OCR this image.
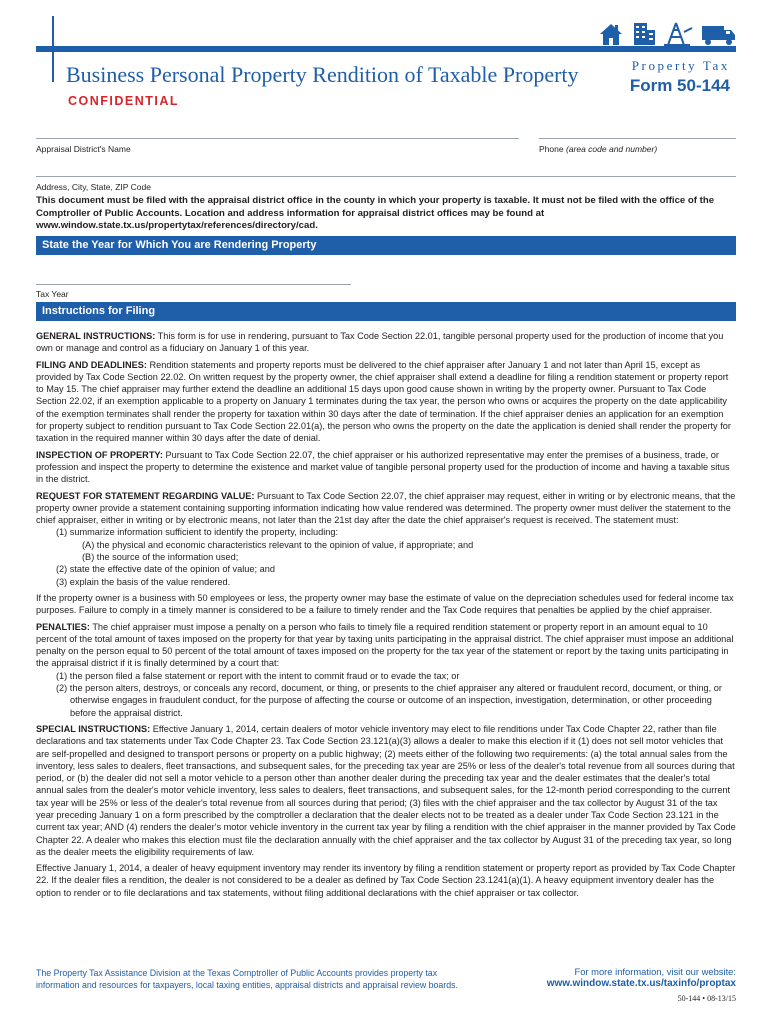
Business Personal Property Rendition of Taxable Property
CONFIDENTIAL
Property Tax
Form 50-144
Appraisal District's Name	Phone (area code and number)
Address, City, State, ZIP Code
This document must be filed with the appraisal district office in the county in which your property is taxable. It must not be filed with the office of the Comptroller of Public Accounts. Location and address information for appraisal district offices may be found at www.window.state.tx.us/propertytax/references/directory/cad.
State the Year for Which You are Rendering Property
Tax Year
Instructions for Filing

GENERAL INSTRUCTIONS: This form is for use in rendering, pursuant to Tax Code Section 22.01, tangible personal property used for the production of income that you own or manage and control as a fiduciary on January 1 of this year.

FILING AND DEADLINES: Rendition statements and property reports must be delivered to the chief appraiser after January 1 and not later than April 15, except as provided by Tax Code Section 22.02. On written request by the property owner, the chief appraiser shall extend a deadline for filing a rendition statement or property report to May 15. The chief appraiser may further extend the deadline an additional 15 days upon good cause shown in writing by the property owner. Pursuant to Tax Code Section 22.02, if an exemption applicable to a property on January 1 terminates during the tax year, the person who owns or acquires the property on the date applicability of the exemption terminates shall render the property for taxation within 30 days after the date of termination. If the chief appraiser denies an application for an exemption for property subject to rendition pursuant to Tax Code Section 22.01(a), the person who owns the property on the date the application is denied shall render the property for taxation in the required manner within 30 days after the date of denial.

INSPECTION OF PROPERTY: Pursuant to Tax Code Section 22.07, the chief appraiser or his authorized representative may enter the premises of a business, trade, or profession and inspect the property to determine the existence and market value of tangible personal property used for the production of income and having a taxable situs in the district.

REQUEST FOR STATEMENT REGARDING VALUE: Pursuant to Tax Code Section 22.07, the chief appraiser may request, either in writing or by electronic means, that the property owner provide a statement containing supporting information indicating how value rendered was determined. The property owner must deliver the statement to the chief appraiser, either in writing or by electronic means, not later than the 21st day after the date the chief appraiser's request is received. The statement must:

(1) summarize information sufficient to identify the property, including:
(A) the physical and economic characteristics relevant to the opinion of value, if appropriate; and
(B) the source of the information used;
(2) state the effective date of the opinion of value; and
(3) explain the basis of the value rendered.

If the property owner is a business with 50 employees or less, the property owner may base the estimate of value on the depreciation schedules used for federal income tax purposes. Failure to comply in a timely manner is considered to be a failure to timely render and the Tax Code requires that penalties be applied by the chief appraiser.

PENALTIES: The chief appraiser must impose a penalty on a person who fails to timely file a required rendition statement or property report in an amount equal to 10 percent of the total amount of taxes imposed on the property for that year by taxing units participating in the appraisal district. The chief appraiser must impose an additional penalty on the person equal to 50 percent of the total amount of taxes imposed on the property for the tax year of the statement or report by the taxing units participating in the appraisal district if it is finally determined by a court that:

(1) the person filed a false statement or report with the intent to commit fraud or to evade the tax; or
(2) the person alters, destroys, or conceals any record, document, or thing, or presents to the chief appraiser any altered or fraudulent record, document, or thing, or otherwise engages in fraudulent conduct, for the purpose of affecting the course or outcome of an inspection, investigation, determination, or other proceeding before the appraisal district.

SPECIAL INSTRUCTIONS: Effective January 1, 2014, certain dealers of motor vehicle inventory may elect to file renditions under Tax Code Chapter 22, rather than file declarations and tax statements under Tax Code Chapter 23. Tax Code Section 23.121(a)(3) allows a dealer to make this election if it (1) does not sell motor vehicles that are self-propelled and designed to transport persons or property on a public highway; (2) meets either of the following two requirements: (a) the total annual sales from the inventory, less sales to dealers, fleet transactions, and subsequent sales, for the preceding tax year are 25% or less of the dealer's total revenue from all sources during that period, or (b) the dealer did not sell a motor vehicle to a person other than another dealer during the preceding tax year and the dealer estimates that the dealer's total annual sales from the dealer's motor vehicle inventory, less sales to dealers, fleet transactions, and subsequent sales, for the 12-month period corresponding to the current tax year will be 25% or less of the dealer's total revenue from all sources during that period; (3) files with the chief appraiser and the tax collector by August 31 of the tax year preceding January 1 on a form prescribed by the comptroller a declaration that the dealer elects not to be treated as a dealer under Tax Code Section 23.121 in the current tax year; AND (4) renders the dealer's motor vehicle inventory in the current tax year by filing a rendition with the chief appraiser in the manner provided by Tax Code Chapter 22. A dealer who makes this election must file the declaration annually with the chief appraiser and the tax collector by August 31 of the preceding tax year, so long as the dealer meets the eligibility requirements of law.

Effective January 1, 2014, a dealer of heavy equipment inventory may render its inventory by filing a rendition statement or property report as provided by Tax Code Chapter 22. If the dealer files a rendition, the dealer is not considered to be a dealer as defined by Tax Code Section 23.1241(a)(1). A heavy equipment inventory dealer has the option to render or to file declarations and tax statements, without filing additional declarations with the chief appraiser or tax collector.

The Property Tax Assistance Division at the Texas Comptroller of Public Accounts provides property tax
information and resources for taxpayers, local taxing entities, appraisal districts and appraisal review boards.
For more information, visit our website:
www.window.state.tx.us/taxinfo/proptax
50-144 • 08-13/15
